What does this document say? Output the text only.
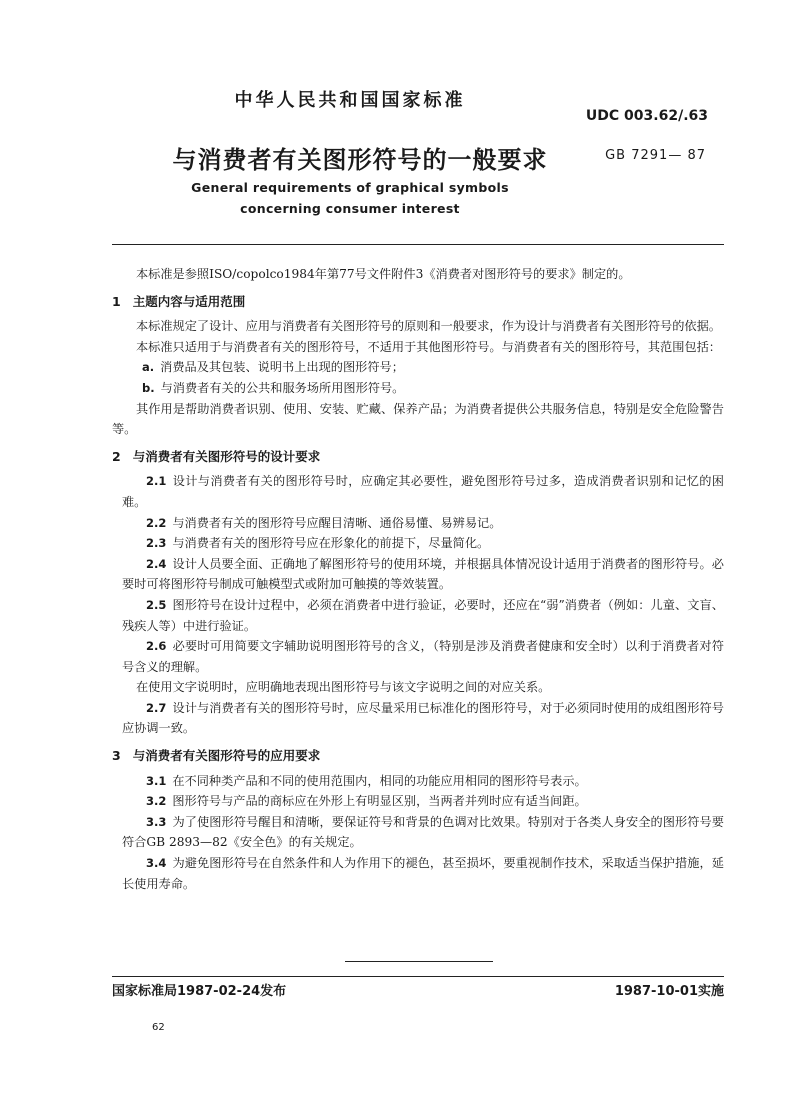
中华人民共和国国家标准
UDC 003.62/.63
与消费者有关图形符号的一般要求	GB 7291— 87
General requirements of graphical symbols
concerning consumer interest

本标准是参照ISO/copolco1984年第77号文件附件3《消费者对图形符号的要求》制定的。

1 主题内容与适用范围

本标准规定了设计、应用与消费者有关图形符号的原则和一般要求，作为设计与消费者有关图形符号的依据。

本标准只适用于与消费者有关的图形符号，不适用于其他图形符号。与消费者有关的图形符号，其范围包括：

a. 消费品及其包装、说明书上出现的图形符号；

b. 与消费者有关的公共和服务场所用图形符号。

其作用是帮助消费者识别、使用、安装、贮藏、保养产品；为消费者提供公共服务信息，特别是安全危险警告等。

2 与消费者有关图形符号的设计要求

2.1 设计与消费者有关的图形符号时，应确定其必要性，避免图形符号过多，造成消费者识别和记忆的困难。

2.2 与消费者有关的图形符号应醒目清晰、通俗易懂、易辨易记。

2.3 与消费者有关的图形符号应在形象化的前提下，尽量简化。

2.4 设计人员要全面、正确地了解图形符号的使用环境，并根据具体情况设计适用于消费者的图形符号。必要时可将图形符号制成可触模型式或附加可触摸的等效装置。

2.5 图形符号在设计过程中，必须在消费者中进行验证，必要时，还应在“弱”消费者（例如：儿童、文盲、残疾人等）中进行验证。

2.6 必要时可用简要文字辅助说明图形符号的含义，（特别是涉及消费者健康和安全时）以利于消费者对符号含义的理解。

在使用文字说明时，应明确地表现出图形符号与该文字说明之间的对应关系。

2.7 设计与消费者有关的图形符号时，应尽量采用已标准化的图形符号，对于必须同时使用的成组图形符号应协调一致。

3 与消费者有关图形符号的应用要求

3.1 在不同种类产品和不同的使用范围内，相同的功能应用相同的图形符号表示。

3.2 图形符号与产品的商标应在外形上有明显区别，当两者并列时应有适当间距。

3.3 为了使图形符号醒目和清晰，要保证符号和背景的色调对比效果。特别对于各类人身安全的图形符号要符合GB 2893—82《安全色》的有关规定。

3.4 为避免图形符号在自然条件和人为作用下的褪色，甚至损坏，要重视制作技术，采取适当保护措施，延长使用寿命。

国家标准局1987-02-24发布	1987-10-01实施
62
